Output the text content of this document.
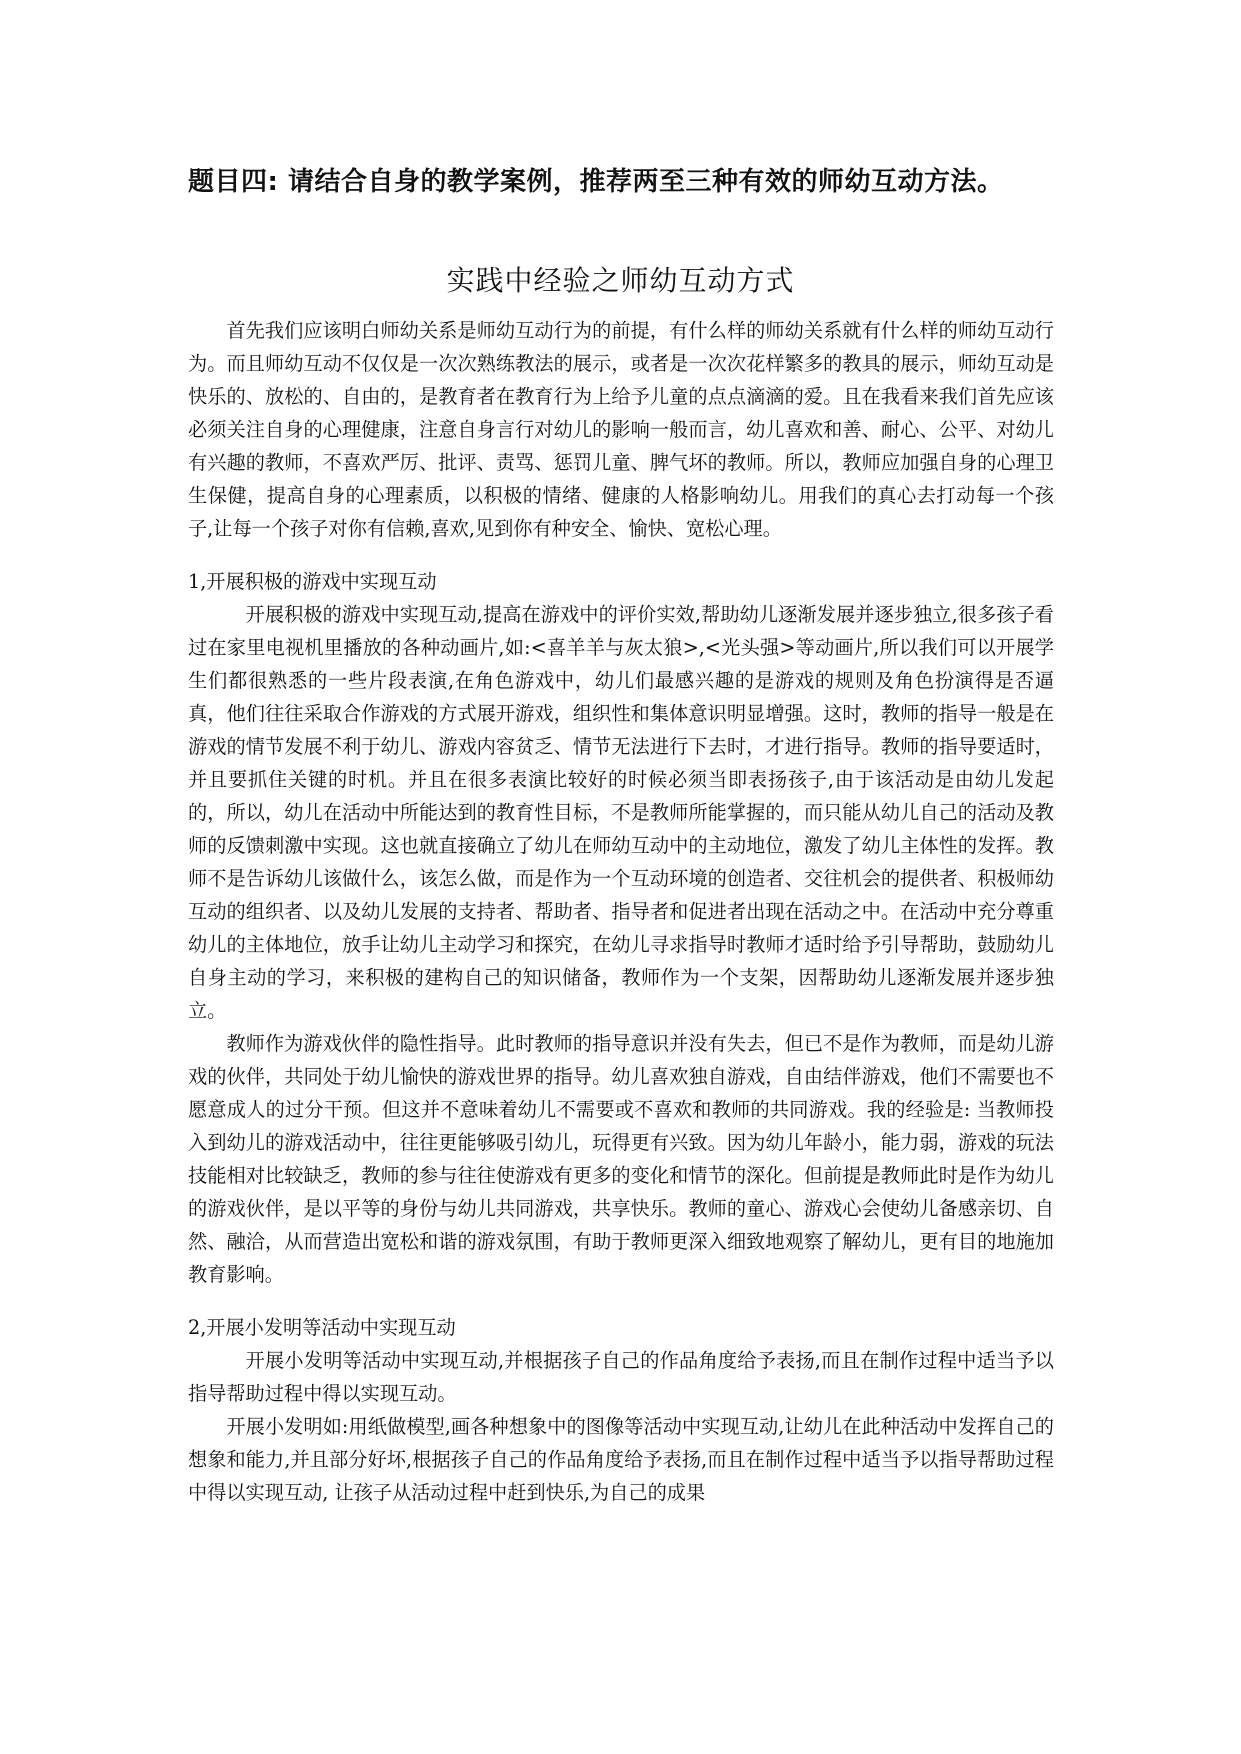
题目四: 请结合自身的教学案例，推荐两至三种有效的师幼互动方法。
实践中经验之师幼互动方式

首先我们应该明白师幼关系是师幼互动行为的前提，有什么样的师幼关系就有什么样的师幼互动行为。而且师幼互动不仅仅是一次次熟练教法的展示，或者是一次次花样繁多的教具的展示，师幼互动是快乐的、放松的、自由的，是教育者在教育行为上给予儿童的点点滴滴的爱。且在我看来我们首先应该必须关注自身的心理健康，注意自身言行对幼儿的影响一般而言，幼儿喜欢和善、耐心、公平、对幼儿有兴趣的教师，不喜欢严厉、批评、责骂、惩罚儿童、脾气坏的教师。所以，教师应加强自身的心理卫生保健，提高自身的心理素质，以积极的情绪、健康的人格影响幼儿。用我们的真心去打动每一个孩子,让每一个孩子对你有信赖,喜欢,见到你有种安全、愉快、宽松心理。

1,开展积极的游戏中实现互动

开展积极的游戏中实现互动,提高在游戏中的评价实效,帮助幼儿逐渐发展并逐步独立,很多孩子看过在家里电视机里播放的各种动画片,如:<喜羊羊与灰太狼>,<光头强>等动画片,所以我们可以开展学生们都很熟悉的一些片段表演,在角色游戏中，幼儿们最感兴趣的是游戏的规则及角色扮演得是否逼真，他们往往采取合作游戏的方式展开游戏，组织性和集体意识明显增强。这时，教师的指导一般是在游戏的情节发展不利于幼儿、游戏内容贫乏、情节无法进行下去时，才进行指导。教师的指导要适时，并且要抓住关键的时机。并且在很多表演比较好的时候必须当即表扬孩子,由于该活动是由幼儿发起的，所以，幼儿在活动中所能达到的教育性目标，不是教师所能掌握的，而只能从幼儿自己的活动及教师的反馈刺激中实现。这也就直接确立了幼儿在师幼互动中的主动地位，激发了幼儿主体性的发挥。教师不是告诉幼儿该做什么，该怎么做，而是作为一个互动环境的创造者、交往机会的提供者、积极师幼互动的组织者、以及幼儿发展的支持者、帮助者、指导者和促进者出现在活动之中。在活动中充分尊重幼儿的主体地位，放手让幼儿主动学习和探究，在幼儿寻求指导时教师才适时给予引导帮助，鼓励幼儿自身主动的学习，来积极的建构自己的知识储备，教师作为一个支架，因帮助幼儿逐渐发展并逐步独立。

教师作为游戏伙伴的隐性指导。此时教师的指导意识并没有失去，但已不是作为教师，而是幼儿游戏的伙伴，共同处于幼儿愉快的游戏世界的指导。幼儿喜欢独自游戏，自由结伴游戏，他们不需要也不愿意成人的过分干预。但这并不意味着幼儿不需要或不喜欢和教师的共同游戏。我的经验是: 当教师投入到幼儿的游戏活动中，往往更能够吸引幼儿，玩得更有兴致。因为幼儿年龄小，能力弱，游戏的玩法技能相对比较缺乏，教师的参与往往使游戏有更多的变化和情节的深化。但前提是教师此时是作为幼儿的游戏伙伴，是以平等的身份与幼儿共同游戏，共享快乐。教师的童心、游戏心会使幼儿备感亲切、自然、融洽，从而营造出宽松和谐的游戏氛围，有助于教师更深入细致地观察了解幼儿，更有目的地施加教育影响。

2,开展小发明等活动中实现互动

开展小发明等活动中实现互动,并根据孩子自己的作品角度给予表扬,而且在制作过程中适当予以指导帮助过程中得以实现互动。

开展小发明如:用纸做模型,画各种想象中的图像等活动中实现互动,让幼儿在此种活动中发挥自己的想象和能力,并且部分好坏,根据孩子自己的作品角度给予表扬,而且在制作过程中适当予以指导帮助过程中得以实现互动, 让孩子从活动过程中赶到快乐,为自己的成果
